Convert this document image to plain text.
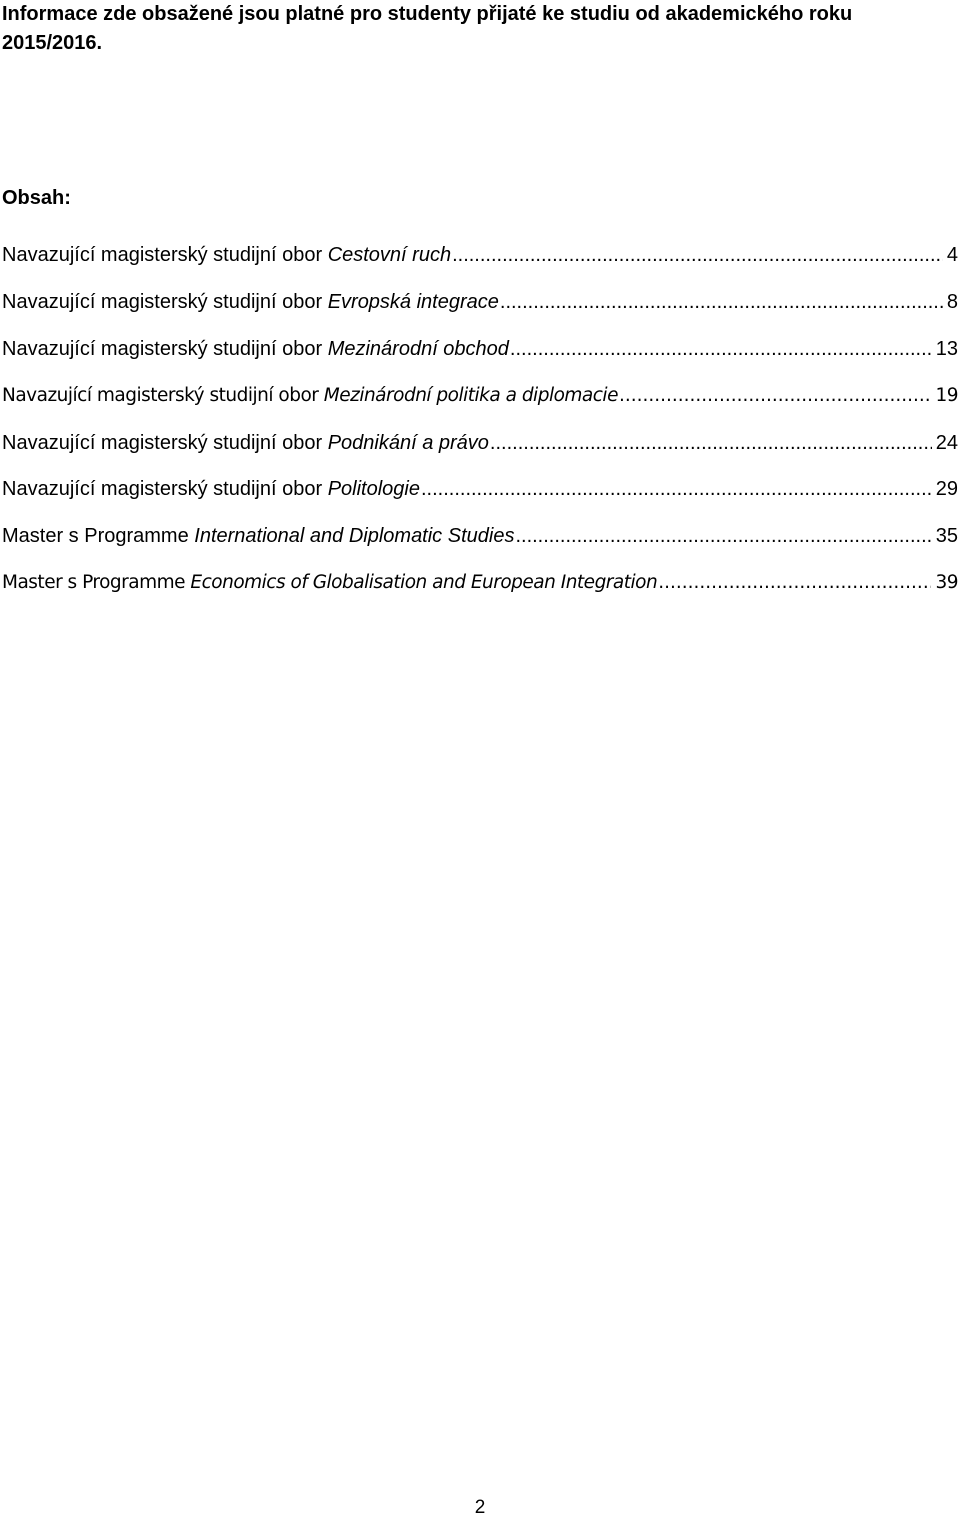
Informace zde obsažené jsou platné pro studenty přijaté ke studiu od akademického roku 2015/2016.

Obsah:

Navazující magisterský studijní obor Cestovní ruch .....	4
Navazující magisterský studijní obor Evropská integrace .....	8
Navazující magisterský studijní obor Mezinárodní obchod .....	13
Navazující magisterský studijní obor Mezinárodní politika a diplomacie .....	19
Navazující magisterský studijní obor Podnikání a právo .....	24
Navazující magisterský studijní obor Politologie .....	29
Master s Programme International and Diplomatic Studies .....	35
Master s Programme Economics of Globalisation and European Integration .....	39
2
